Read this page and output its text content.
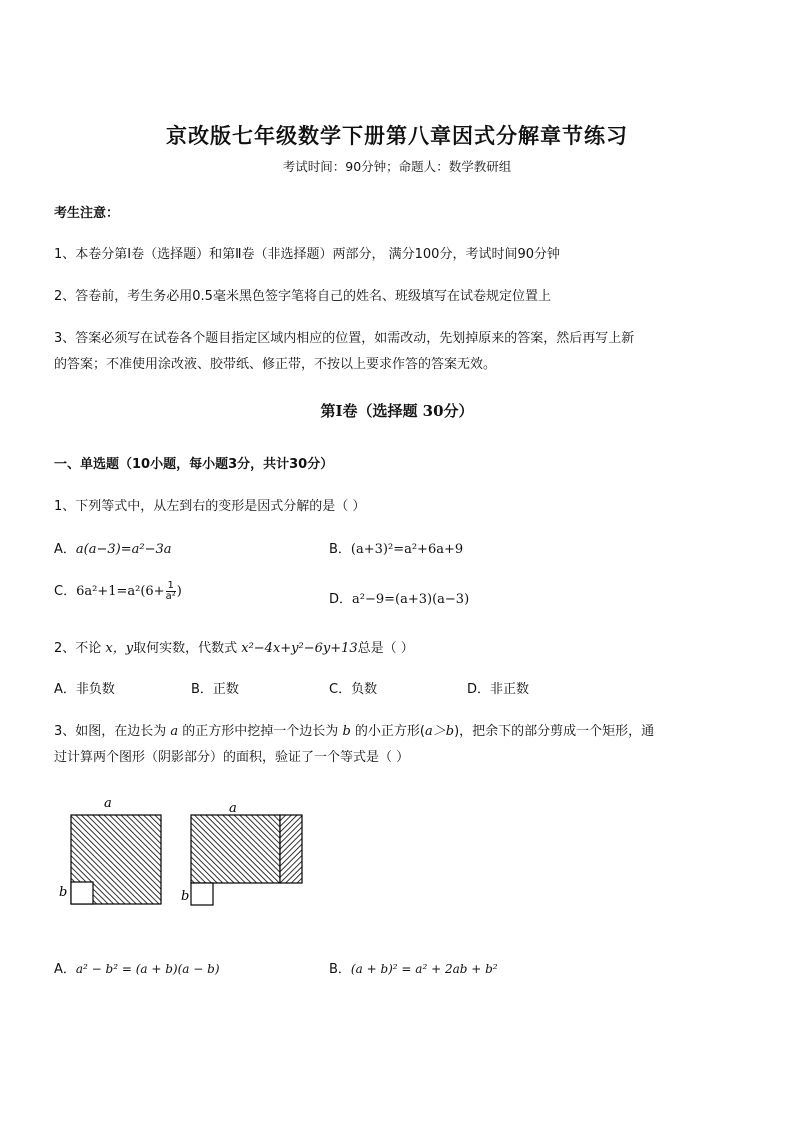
京改版七年级数学下册第八章因式分解章节练习
考试时间：90分钟；命题人：数学教研组
考生注意：
1、本卷分第Ⅰ卷（选择题）和第Ⅱ卷（非选择题）两部分， 满分100分，考试时间90分钟
2、答卷前，考生务必用0.5毫米黑色签字笔将自己的姓名、班级填写在试卷规定位置上
3、答案必须写在试卷各个题目指定区域内相应的位置，如需改动，先划掉原来的答案，然后再写上新
的答案；不准使用涂改液、胶带纸、修正带，不按以上要求作答的答案无效。
第Ⅰ卷（选择题 30分）
一、单选题（10小题，每小题3分，共计30分）
1、下列等式中，从左到右的变形是因式分解的是（ ）
A．a(a−3)=a²−3a	B．(a+3)²=a²+6a+9
C．$6a^2+1=a^2(6+ \frac{1}{\text{a²}}$ )
D．a²−9=(a+3)(a−3)
2、不论 x，y取何实数，代数式 x²−4x+y²−6y+13总是（ ）
A．非负数	B．正数	C．负数	D．非正数
3、如图，在边长为 a 的正方形中挖掉一个边长为 b 的小正方形(a＞b)，把余下的部分剪成一个矩形，通
过计算两个图形（阴影部分）的面积，验证了一个等式是（ ）
a
b
a
b
A．a² − b² = (a + b)(a − b)	B．(a + b)² = a² + 2ab + b²
